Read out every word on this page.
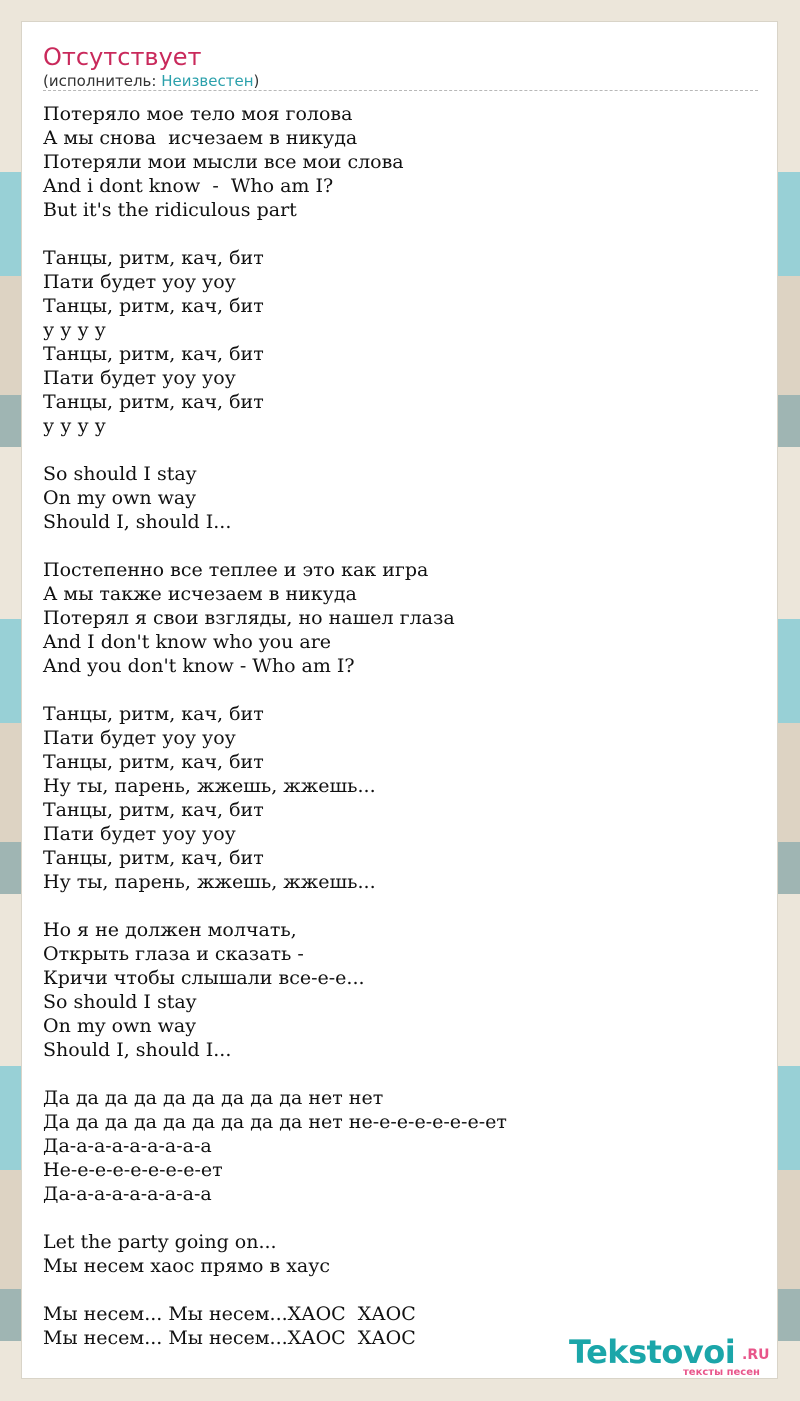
Отсутствует
(исполнитель: Неизвестен)
Потеряло мое тело моя голова
А мы снова  исчезаем в никуда
Потеряли мои мысли все мои слова
And i dont know  -  Who am I?
But it's the ridiculous part
Танцы, ритм, кач, бит
Пати будет уоу уоу
Танцы, ритм, кач, бит
у у у у
Танцы, ритм, кач, бит
Пати будет уоу уоу
Танцы, ритм, кач, бит
у у у у
So should I stay
On my own way
Should I, should I...
Постепенно все теплее и это как игра
А мы также исчезаем в никуда
Потерял я свои взгляды, но нашел глаза
And I don't know who you are
And you don't know - Who am I?
Танцы, ритм, кач, бит
Пати будет уоу уоу
Танцы, ритм, кач, бит
Ну ты, парень, жжешь, жжешь...
Танцы, ритм, кач, бит
Пати будет уоу уоу
Танцы, ритм, кач, бит
Ну ты, парень, жжешь, жжешь...
Но я не должен молчать,
Открыть глаза и сказать -
Кричи чтобы слышали все-е-е...
So should I stay
On my own way
Should I, should I...
Да да да да да да да да да нет нет
Да да да да да да да да да нет не-е-е-е-е-е-е-ет
Да-а-а-а-а-а-а-а-а
Не-е-е-е-е-е-е-е-ет
Да-а-а-а-а-а-а-а-а
Let the party going on...
Мы несем хаос прямо в хаус
Мы несем... Мы несем...ХАОС  ХАОС
Мы несем... Мы несем...ХАОС  ХАОС	Tekstovoi .RU
тексты песен
